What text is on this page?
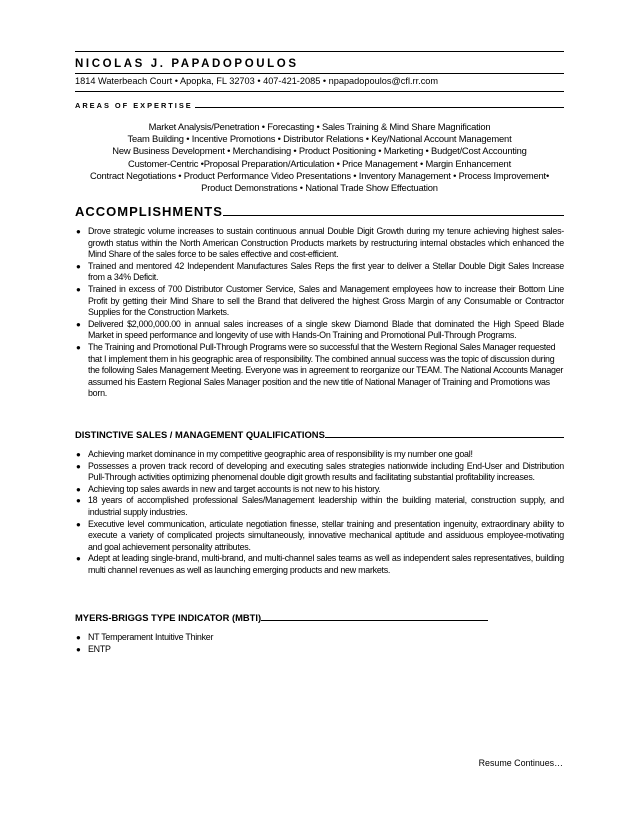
NICOLAS J. PAPADOPOULOS
1814 Waterbeach Court • Apopka, FL 32703 • 407-421-2085 • npapadopoulos@cfl.rr.com
AREAS OF EXPERTISE
Market Analysis/Penetration • Forecasting • Sales Training & Mind Share Magnification
Team Building • Incentive Promotions • Distributor Relations • Key/National Account Management
New Business Development • Merchandising • Product Positioning • Marketing • Budget/Cost Accounting
Customer-Centric •Proposal Preparation/Articulation • Price Management • Margin Enhancement
Contract Negotiations • Product Performance Video Presentations • Inventory Management • Process Improvement•
Product Demonstrations • National Trade Show Effectuation
ACCOMPLISHMENTS
● Drove strategic volume increases to sustain continuous annual Double Digit Growth during my tenure achieving highest sales-growth status within the North American Construction Products markets by restructuring internal obstacles which enhanced the Mind Share of the sales force to be sales effective and cost-efficient.
● Trained and mentored 42 Independent Manufactures Sales Reps the first year to deliver a Stellar Double Digit Sales Increase from a 34% Deficit.
● Trained in excess of 700 Distributor Customer Service, Sales and Management employees how to increase their Bottom Line Profit by getting their Mind Share to sell the Brand that delivered the highest Gross Margin of any Consumable or Contractor Supplies for the Construction Markets.
● Delivered $2,000,000.00 in annual sales increases of a single skew Diamond Blade that dominated the High Speed Blade Market in speed performance and longevity of use with Hands-On Training and Promotional Pull-Through Programs.
● The Training and Promotional Pull-Through Programs were so successful that the Western Regional Sales Manager requested that I implement them in his geographic area of responsibility. The combined annual success was the topic of discussion during the following Sales Management Meeting. Everyone was in agreement to reorganize our TEAM. The National Accounts Manager assumed his Eastern Regional Sales Manager position and the new title of National Manager of Training and Promotions was born.
DISTINCTIVE SALES / MANAGEMENT QUALIFICATIONS
● Achieving market dominance in my competitive geographic area of responsibility is my number one goal!
● Possesses a proven track record of developing and executing sales strategies nationwide including End-User and Distribution Pull-Through activities optimizing phenomenal double digit growth results and facilitating substantial profitability increases.
● Achieving top sales awards in new and target accounts is not new to his history.
● 18 years of accomplished professional Sales/Management leadership within the building material, construction supply, and industrial supply industries.
● Executive level communication, articulate negotiation finesse, stellar training and presentation ingenuity, extraordinary ability to execute a variety of complicated projects simultaneously, innovative mechanical aptitude and assiduous employee-motivating and goal achievement personality attributes.
● Adept at leading single-brand, multi-brand, and multi-channel sales teams as well as independent sales representatives, building multi channel revenues as well as launching emerging products and new markets.
MYERS-BRIGGS TYPE INDICATOR (MBTI)
● NT Temperament Intuitive Thinker
● ENTP
Resume Continues…
